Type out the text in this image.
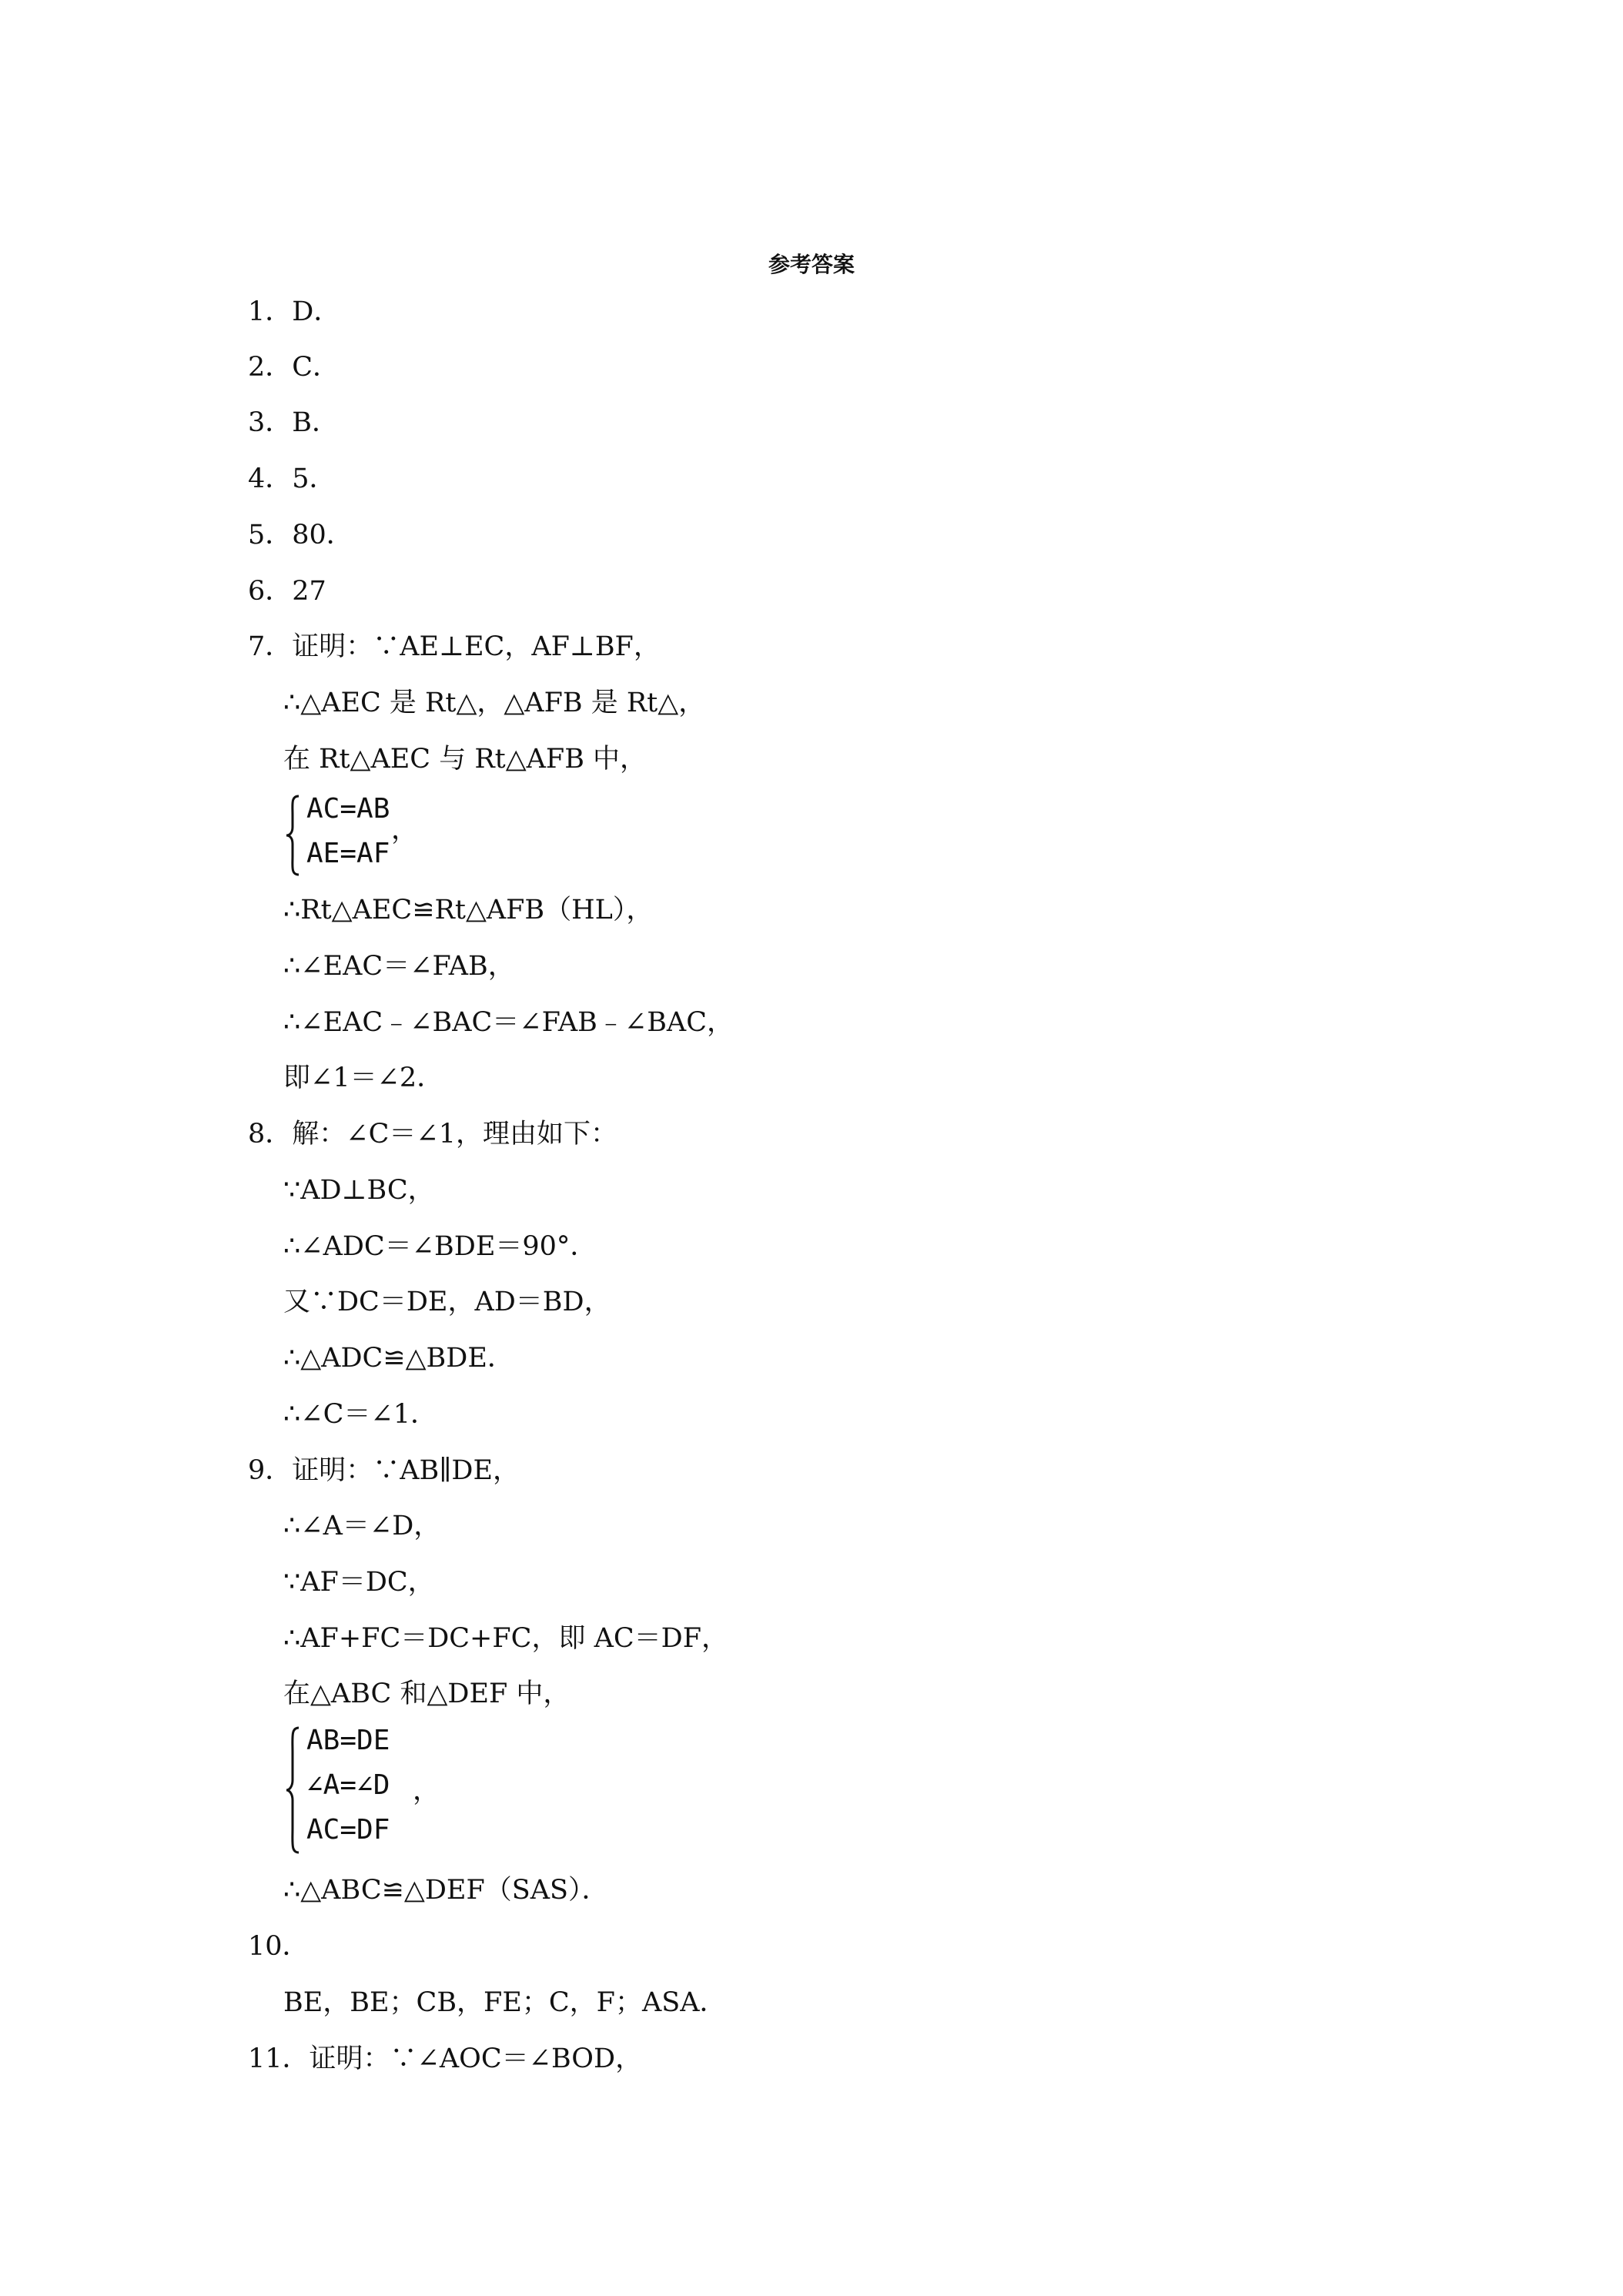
参考答案
1．D．
2．C．
3．B．
4．5．
5．80．
6．27
7．证明：∵AE⊥EC，AF⊥BF，
∴△AEC 是 Rt△，△AFB 是 Rt△，
在 Rt△AEC 与 Rt△AFB 中，
AC=AB
AE=AF
，
∴Rt△AEC≌Rt△AFB（HL），
∴∠EAC＝∠FAB，
∴∠EAC﹣∠BAC＝∠FAB﹣∠BAC，
即∠1＝∠2．
8．解：∠C＝∠1，理由如下：
∵AD⊥BC，
∴∠ADC＝∠BDE＝90°．
又∵DC＝DE，AD＝BD，
∴△ADC≌△BDE．
∴∠C＝∠1．
9．证明：∵AB∥DE，
∴∠A＝∠D，
∵AF＝DC，
∴AF+FC＝DC+FC，即 AC＝DF，
在△ABC 和△DEF 中，
AB=DE
∠A=∠D
AC=DF
，
∴△ABC≌△DEF（SAS）．
10．
BE，BE；CB，FE；C，F；ASA．
11．证明：∵∠AOC＝∠BOD，
